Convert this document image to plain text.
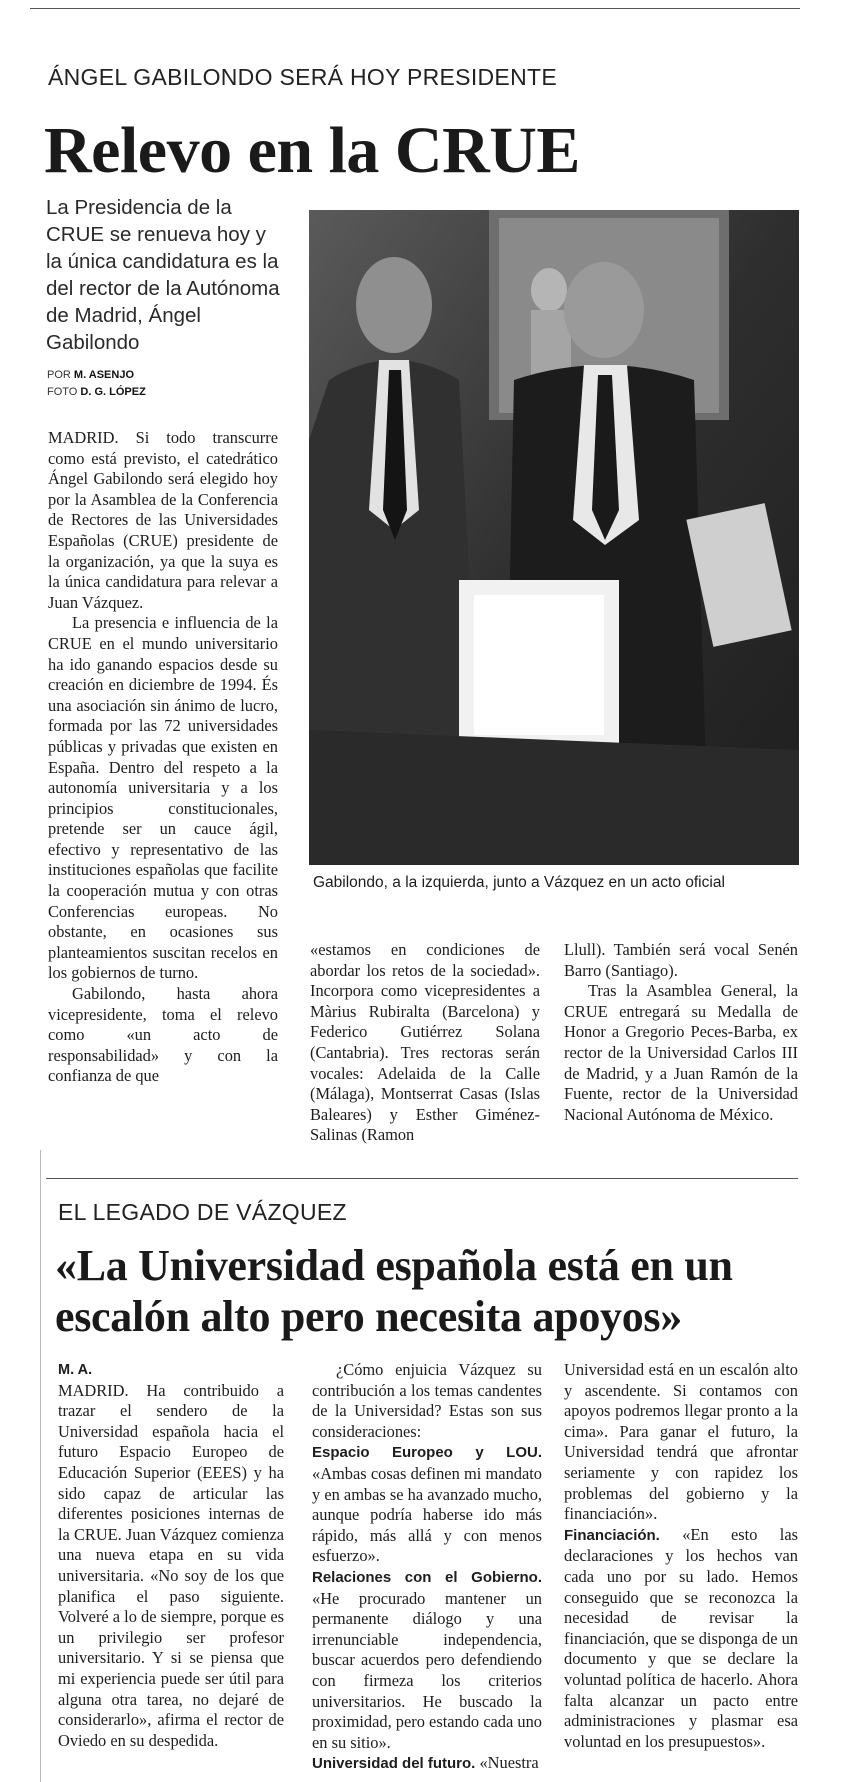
ÁNGEL GABILONDO SERÁ HOY PRESIDENTE
Relevo en la CRUE
La Presidencia de la CRUE se renueva hoy y la única candidatura es la del rector de la Autónoma de Madrid, Ángel Gabilondo
POR M. ASENJO
FOTO D. G. LÓPEZ
Gabilondo, a la izquierda, junto a Vázquez en un acto oficial

MADRID. Si todo transcurre como está previsto, el catedrático Ángel Gabilondo será elegido hoy por la Asamblea de la Conferencia de Rectores de las Universidades Españolas (CRUE) presidente de la organización, ya que la suya es la única candidatura para relevar a Juan Vázquez.

La presencia e influencia de la CRUE en el mundo universitario ha ido ganando espacios desde su creación en diciembre de 1994. És una asociación sin ánimo de lucro, formada por las 72 universidades públicas y privadas que existen en España. Dentro del respeto a la autonomía universitaria y a los principios constitucionales, pretende ser un cauce ágil, efectivo y representativo de las instituciones españolas que facilite la cooperación mutua y con otras Conferencias europeas. No obstante, en ocasiones sus planteamientos suscitan recelos en los gobiernos de turno.

Gabilondo, hasta ahora vicepresidente, toma el relevo como «un acto de responsabilidad» y con la confianza de que

«estamos en condiciones de abordar los retos de la sociedad». Incorpora como vicepresidentes a Màrius Rubiralta (Barcelona) y Federico Gutiérrez Solana (Cantabria). Tres rectoras serán vocales: Adelaida de la Calle (Málaga), Montserrat Casas (Islas Baleares) y Esther Giménez-Salinas (Ramon

Llull). También será vocal Senén Barro (Santiago).

Tras la Asamblea General, la CRUE entregará su Medalla de Honor a Gregorio Peces-Barba, ex rector de la Universidad Carlos III de Madrid, y a Juan Ramón de la Fuente, rector de la Universidad Nacional Autónoma de México.

EL LEGADO DE VÁZQUEZ
«La Universidad española está en un
escalón alto pero necesita apoyos»

M. A.

MADRID. Ha contribuido a trazar el sendero de la Universidad española hacia el futuro Espacio Europeo de Educación Superior (EEES) y ha sido capaz de articular las diferentes posiciones internas de la CRUE. Juan Vázquez comienza una nueva etapa en su vida universitaria. «No soy de los que planifica el paso siguiente. Volveré a lo de siempre, porque es un privilegio ser profesor universitario. Y si se piensa que mi experiencia puede ser útil para alguna otra tarea, no dejaré de considerarlo», afirma el rector de Oviedo en su despedida.

¿Cómo enjuicia Vázquez su contribución a los temas candentes de la Universidad? Estas son sus consideraciones:

Espacio Europeo y LOU. «Ambas cosas definen mi mandato y en ambas se ha avanzado mucho, aunque podría haberse ido más rápido, más allá y con menos esfuerzo».

Relaciones con el Gobierno. «He procurado mantener un permanente diálogo y una irrenunciable independencia, buscar acuerdos pero defendiendo con firmeza los criterios universitarios. He buscado la proximidad, pero estando cada uno en su sitio».

Universidad del futuro. «Nuestra

Universidad está en un escalón alto y ascendente. Si contamos con apoyos podremos llegar pronto a la cima». Para ganar el futuro, la Universidad tendrá que afrontar seriamente y con rapidez los problemas del gobierno y la financiación».

Financiación. «En esto las declaraciones y los hechos van cada uno por su lado. Hemos conseguido que se reconozca la necesidad de revisar la financiación, que se disponga de un documento y que se declare la voluntad política de hacerlo. Ahora falta alcanzar un pacto entre administraciones y plasmar esa voluntad en los presupuestos».
